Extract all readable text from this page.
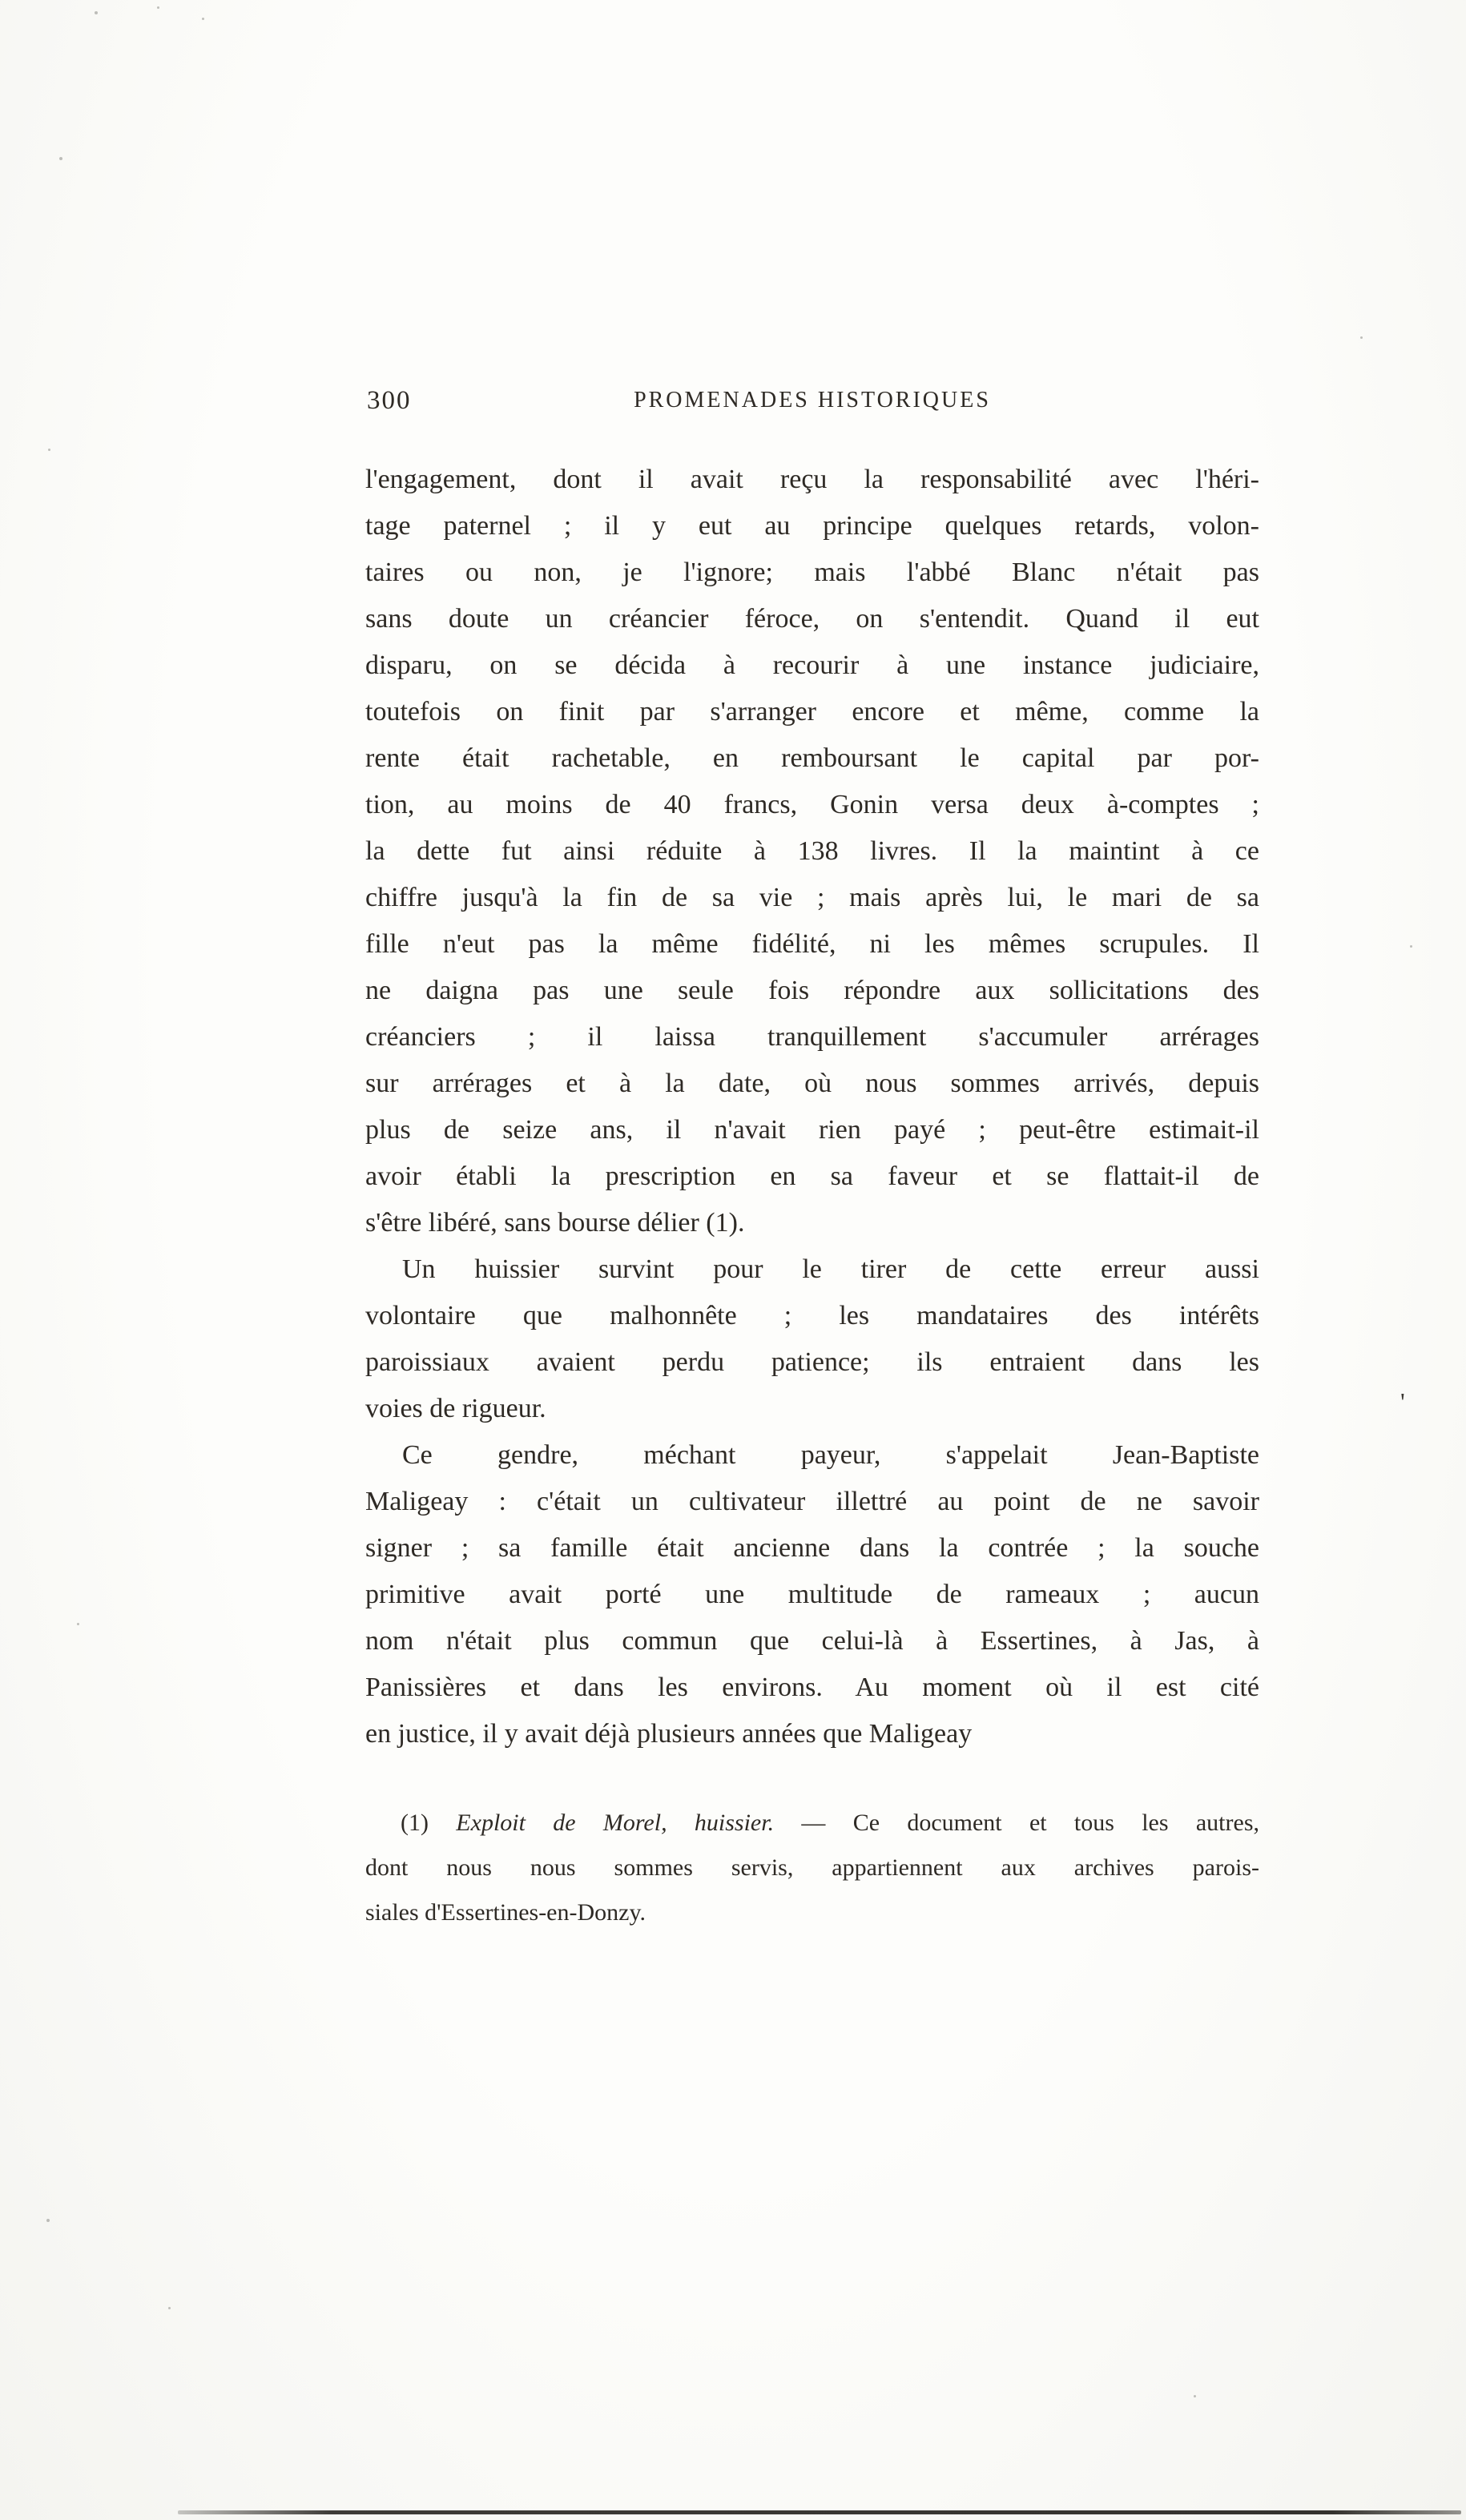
'
300	PROMENADES HISTORIQUES
l'engagement, dont il avait reçu la responsabilité avec l'héri-
tage paternel ; il y eut au principe quelques retards, volon-
taires ou non, je l'ignore; mais l'abbé Blanc n'était pas
sans doute un créancier féroce, on s'entendit. Quand il eut
disparu, on se décida à recourir à une instance judiciaire,
toutefois on finit par s'arranger encore et même, comme la
rente était rachetable, en remboursant le capital par por-
tion, au moins de 40 francs, Gonin versa deux à-comptes ;
la dette fut ainsi réduite à 138 livres. Il la maintint à ce
chiffre jusqu'à la fin de sa vie ; mais après lui, le mari de sa
fille n'eut pas la même fidélité, ni les mêmes scrupules. Il
ne daigna pas une seule fois répondre aux sollicitations des
créanciers ; il laissa tranquillement s'accumuler arrérages
sur arrérages et à la date, où nous sommes arrivés, depuis
plus de seize ans, il n'avait rien payé ; peut-être estimait-il
avoir établi la prescription en sa faveur et se flattait-il de
s'être libéré, sans bourse délier (1).
Un huissier survint pour le tirer de cette erreur aussi
volontaire que malhonnête ; les mandataires des intérêts
paroissiaux avaient perdu patience; ils entraient dans les
voies de rigueur.
Ce gendre, méchant payeur, s'appelait Jean-Baptiste
Maligeay : c'était un cultivateur illettré au point de ne savoir
signer ; sa famille était ancienne dans la contrée ; la souche
primitive avait porté une multitude de rameaux ; aucun
nom n'était plus commun que celui-là à Essertines, à Jas, à
Panissières et dans les environs. Au moment où il est cité
en justice, il y avait déjà plusieurs années que Maligeay
(1) Exploit de Morel, huissier. — Ce document et tous les autres,
dont nous nous sommes servis, appartiennent aux archives parois-
siales d'Essertines-en-Donzy.
